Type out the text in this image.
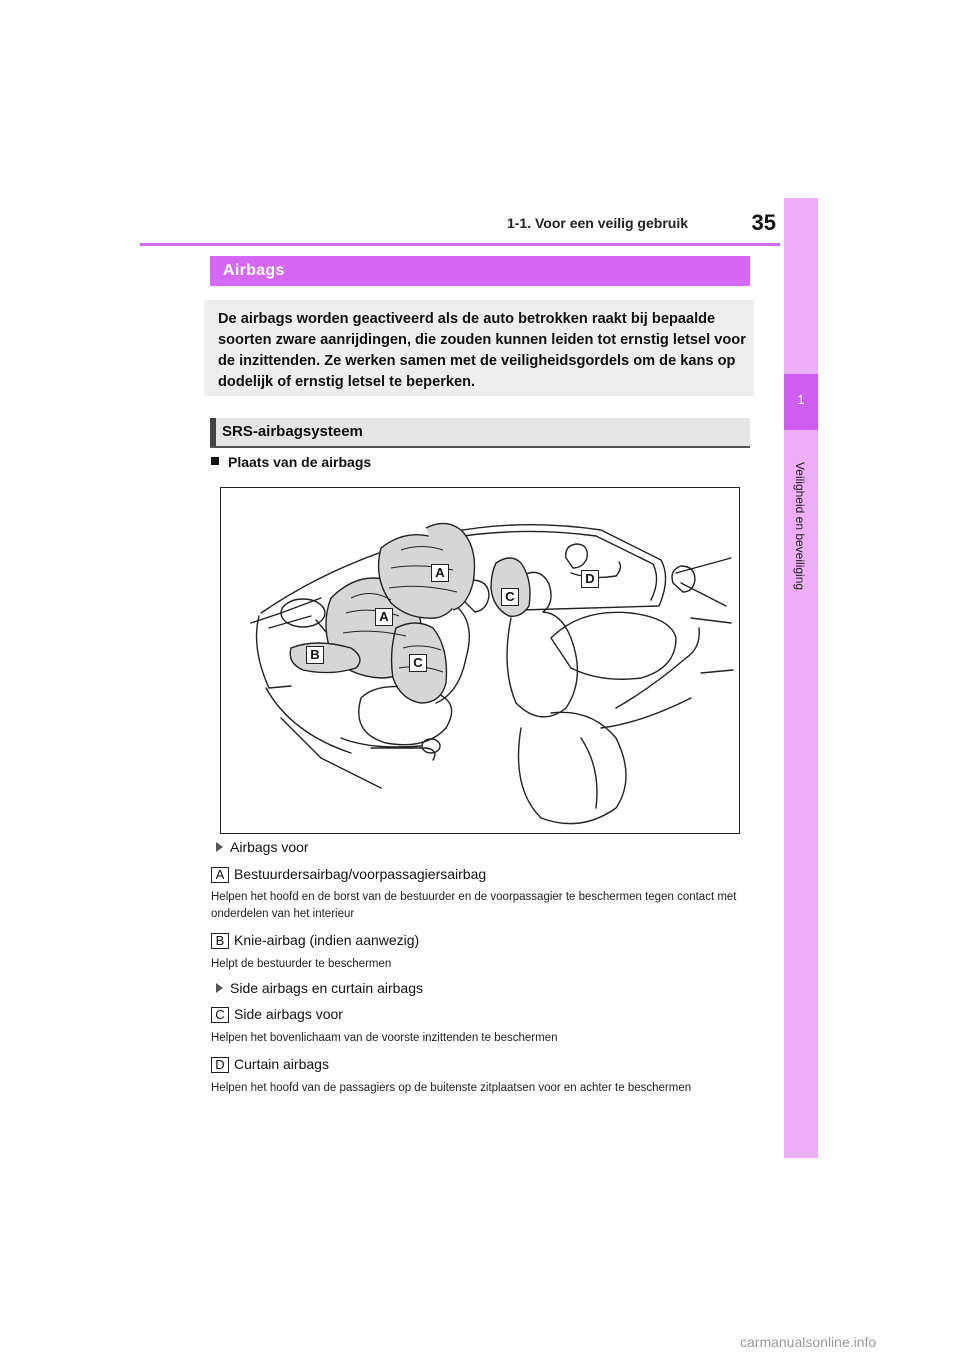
1-1. Voor een veilig gebruik	35
1
Veiligheid en beveiliging
Airbags
De airbags worden geactiveerd als de auto betrokken raakt bij bepaalde soorten zware aanrijdingen, die zouden kunnen leiden tot ernstig letsel voor de inzittenden. Ze werken samen met de veiligheidsgordels om de kans op dodelijk of ernstig letsel te beperken.
SRS-airbagsysteem
Plaats van de airbags
A
A
B
C
C
D
Airbags voor
A Bestuurdersairbag/voorpassagiersairbag
Helpen het hoofd en de borst van de bestuurder en de voorpassagier te beschermen tegen contact met onderdelen van het interieur
B Knie-airbag (indien aanwezig)
Helpt de bestuurder te beschermen
Side airbags en curtain airbags
C Side airbags voor
Helpen het bovenlichaam van de voorste inzittenden te beschermen
D Curtain airbags
Helpen het hoofd van de passagiers op de buitenste zitplaatsen voor en achter te beschermen
carmanualsonline.info
